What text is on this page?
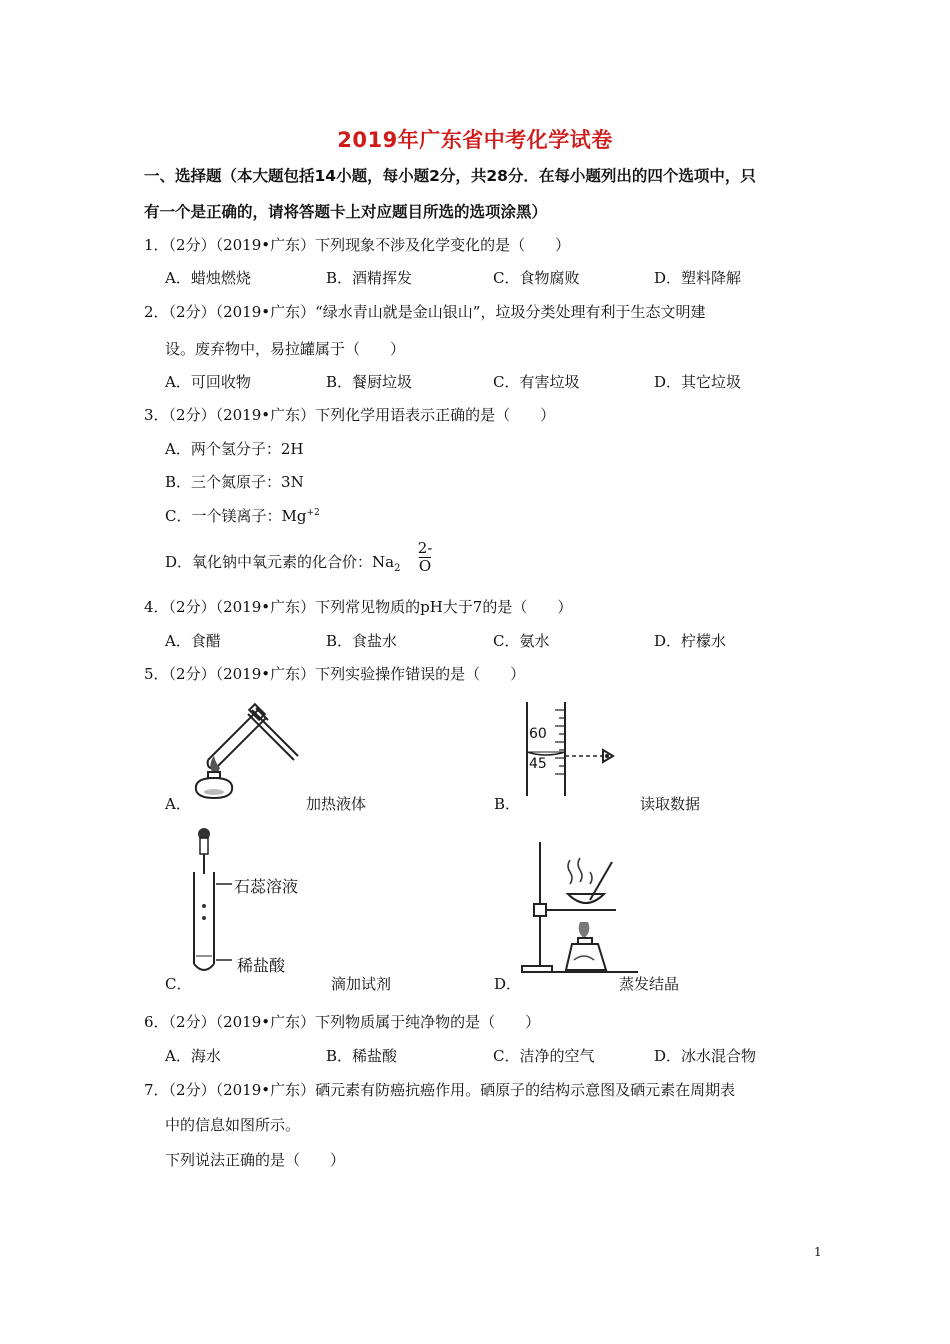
2019年广东省中考化学试卷
一、选择题（本大题包括14小题，每小题2分，共28分．在每小题列出的四个选项中，只
有一个是正确的，请将答题卡上对应题目所选的选项涂黑）
1．（2分）（2019•广东）下列现象不涉及化学变化的是（　　）
A．蜡烛燃烧	B．酒精挥发	C．食物腐败	D．塑料降解
2．（2分）（2019•广东）“绿水青山就是金山银山”，垃圾分类处理有利于生态文明建
设。废弃物中，易拉罐属于（　　）
A．可回收物	B．餐厨垃圾	C．有害垃圾	D．其它垃圾
3．（2分）（2019•广东）下列化学用语表示正确的是（　　）
A．两个氢分子：2H
B．三个氮原子：3N
C．一个镁离子：$Mg^{+2}$
D．氧化钠中氧元素的化合价：$Na_2$
2-
O
4．（2分）（2019•广东）下列常见物质的pH大于7的是（　　）
A．食醋	B．食盐水	C．氨水	D．柠檬水
5．（2分）（2019•广东）下列实验操作错误的是（　　）
A．	加热液体
60
45
B．	读取数据
石蕊溶液
稀盐酸
C．	滴加试剂	D．	蒸发结晶
6．（2分）（2019•广东）下列物质属于纯净物的是（　　）
A．海水	B．稀盐酸	C．洁净的空气	D．冰水混合物
7．（2分）（2019•广东）硒元素有防癌抗癌作用。硒原子的结构示意图及硒元素在周期表
中的信息如图所示。
下列说法正确的是（　　）
1
